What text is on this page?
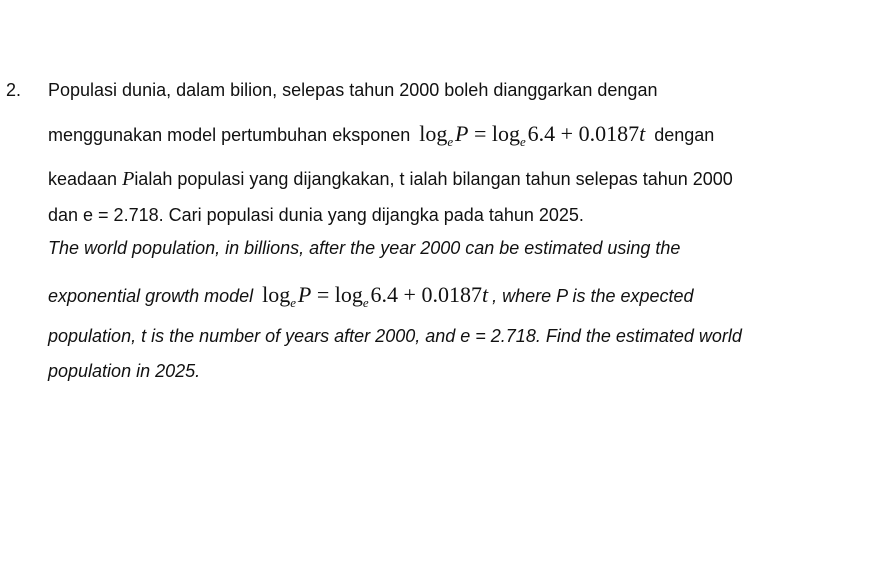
2. Populasi dunia, dalam bilion, selepas tahun 2000 boleh dianggarkan dengan
menggunakan model pertumbuhan eksponen $\log_e$ $P = \log_e$ 6.4 + 0.0187t dengan
keadaan Pialah populasi yang dijangkakan, t ialah bilangan tahun selepas tahun 2000
dan e = 2.718. Cari populasi dunia yang dijangka pada tahun 2025.
The world population, in billions, after the year 2000 can be estimated using the
exponential growth model $\log_e$ $P = \log_e$ 6.4 + 0.0187t , where P is the expected
population, t is the number of years after 2000, and e = 2.718. Find the estimated world
population in 2025.
